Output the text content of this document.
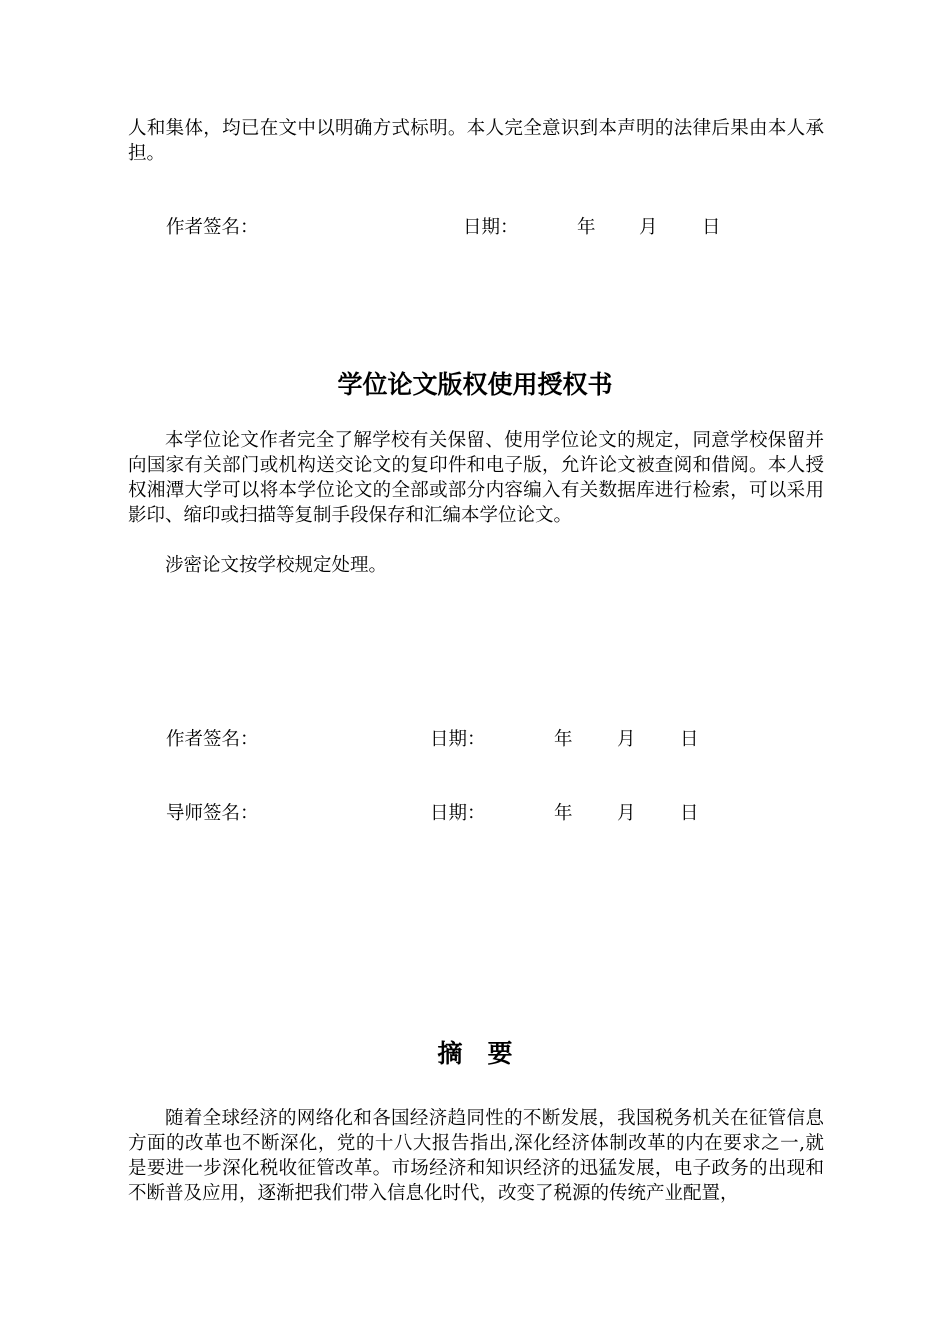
人和集体，均已在文中以明确方式标明。本人完全意识到本声明的法律后果由本人承担。

作者签名：	日期：	年 月 日
学位论文版权使用授权书

本学位论文作者完全了解学校有关保留、使用学位论文的规定，同意学校保留并向国家有关部门或机构送交论文的复印件和电子版，允许论文被查阅和借阅。本人授权湘潭大学可以将本学位论文的全部或部分内容编入有关数据库进行检索，可以采用影印、缩印或扫描等复制手段保存和汇编本学位论文。

涉密论文按学校规定处理。

作者签名：	日期：	年 月 日
导师签名：	日期：	年 月 日
摘要

随着全球经济的网络化和各国经济趋同性的不断发展，我国税务机关在征管信息方面的改革也不断深化，党的十八大报告指出,深化经济体制改革的内在要求之一,就是要进一步深化税收征管改革。市场经济和知识经济的迅猛发展，电子政务的出现和不断普及应用，逐渐把我们带入信息化时代，改变了税源的传统产业配置，
